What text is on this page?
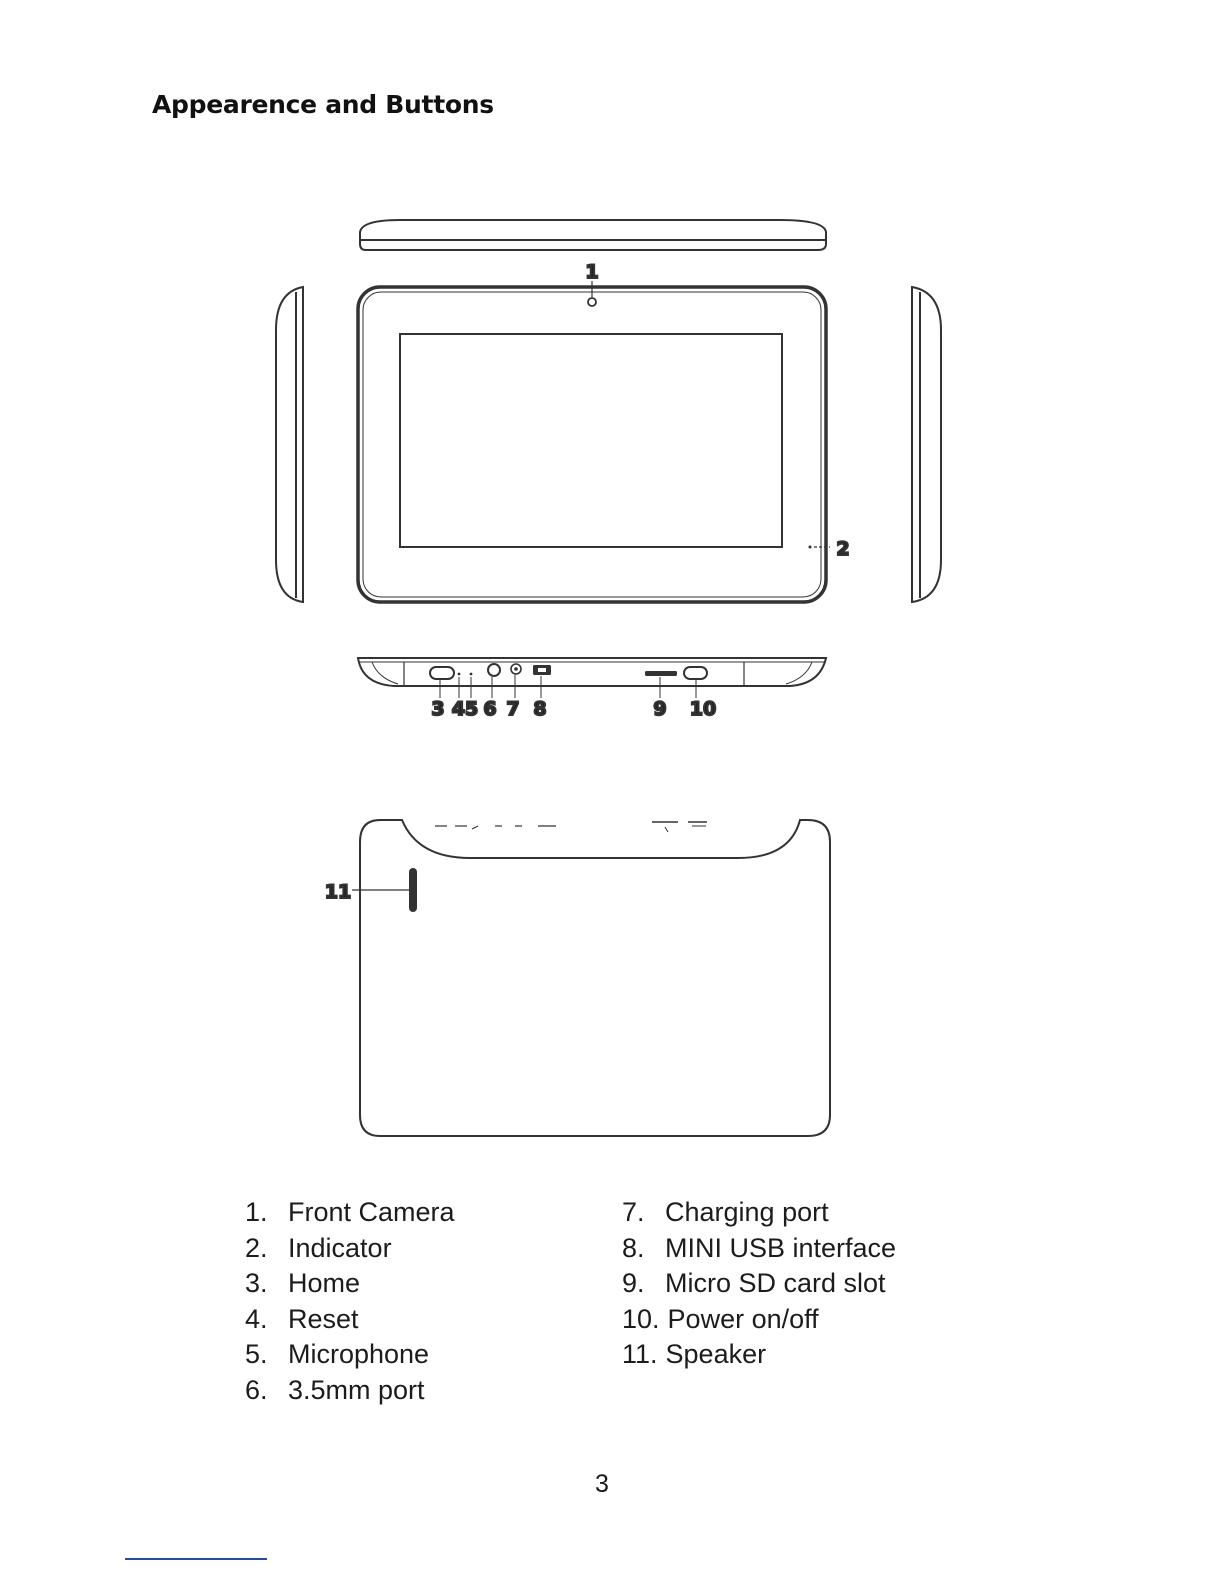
Appearence and Buttons
1
2
3 45 6 7 8	9 10
11
1. Front Camera
2. Indicator
3. Home
4. Reset
5. Microphone
6. 3.5mm port
7. Charging port
8. MINI USB interface
9. Micro SD card slot
10. Power on/off
11. Speaker
3
